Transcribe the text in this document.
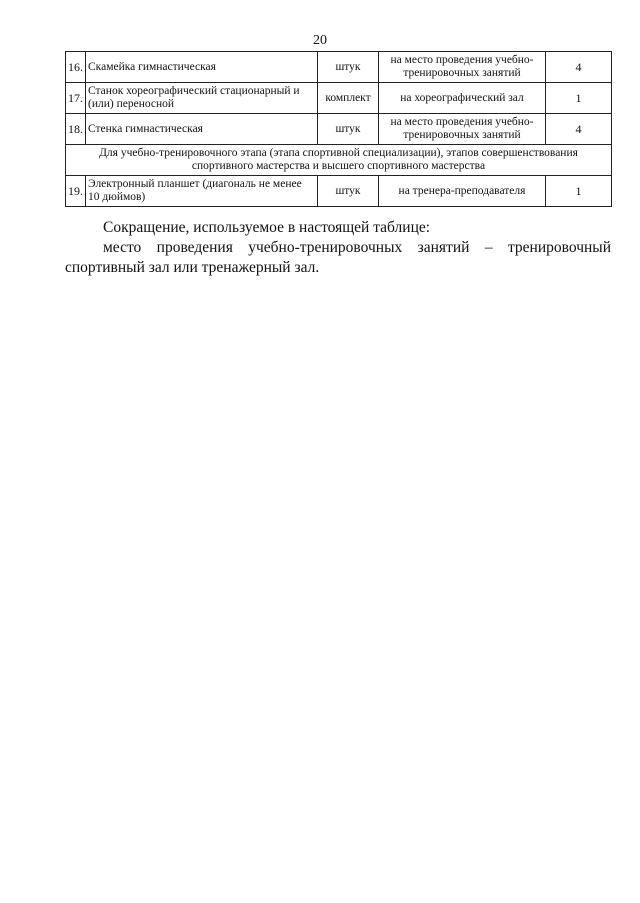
20
16.	Скамейка гимнастическая	штук	на место проведения учебно-тренировочных занятий	4
17.	Станок хореографический стационарный и (или) переносной	комплект	на хореографический зал	1
18.	Стенка гимнастическая	штук	на место проведения учебно-тренировочных занятий	4
Для учебно-тренировочного этапа (этапа спортивной специализации), этапов совершенствования спортивного мастерства и высшего спортивного мастерства				
19.	Электронный планшет (диагональ не менее 10 дюймов)	штук	на тренера-преподавателя	1
Сокращение, используемое в настоящей таблице:
место проведения учебно-тренировочных занятий – тренировочный спортивный зал или тренажерный зал.
